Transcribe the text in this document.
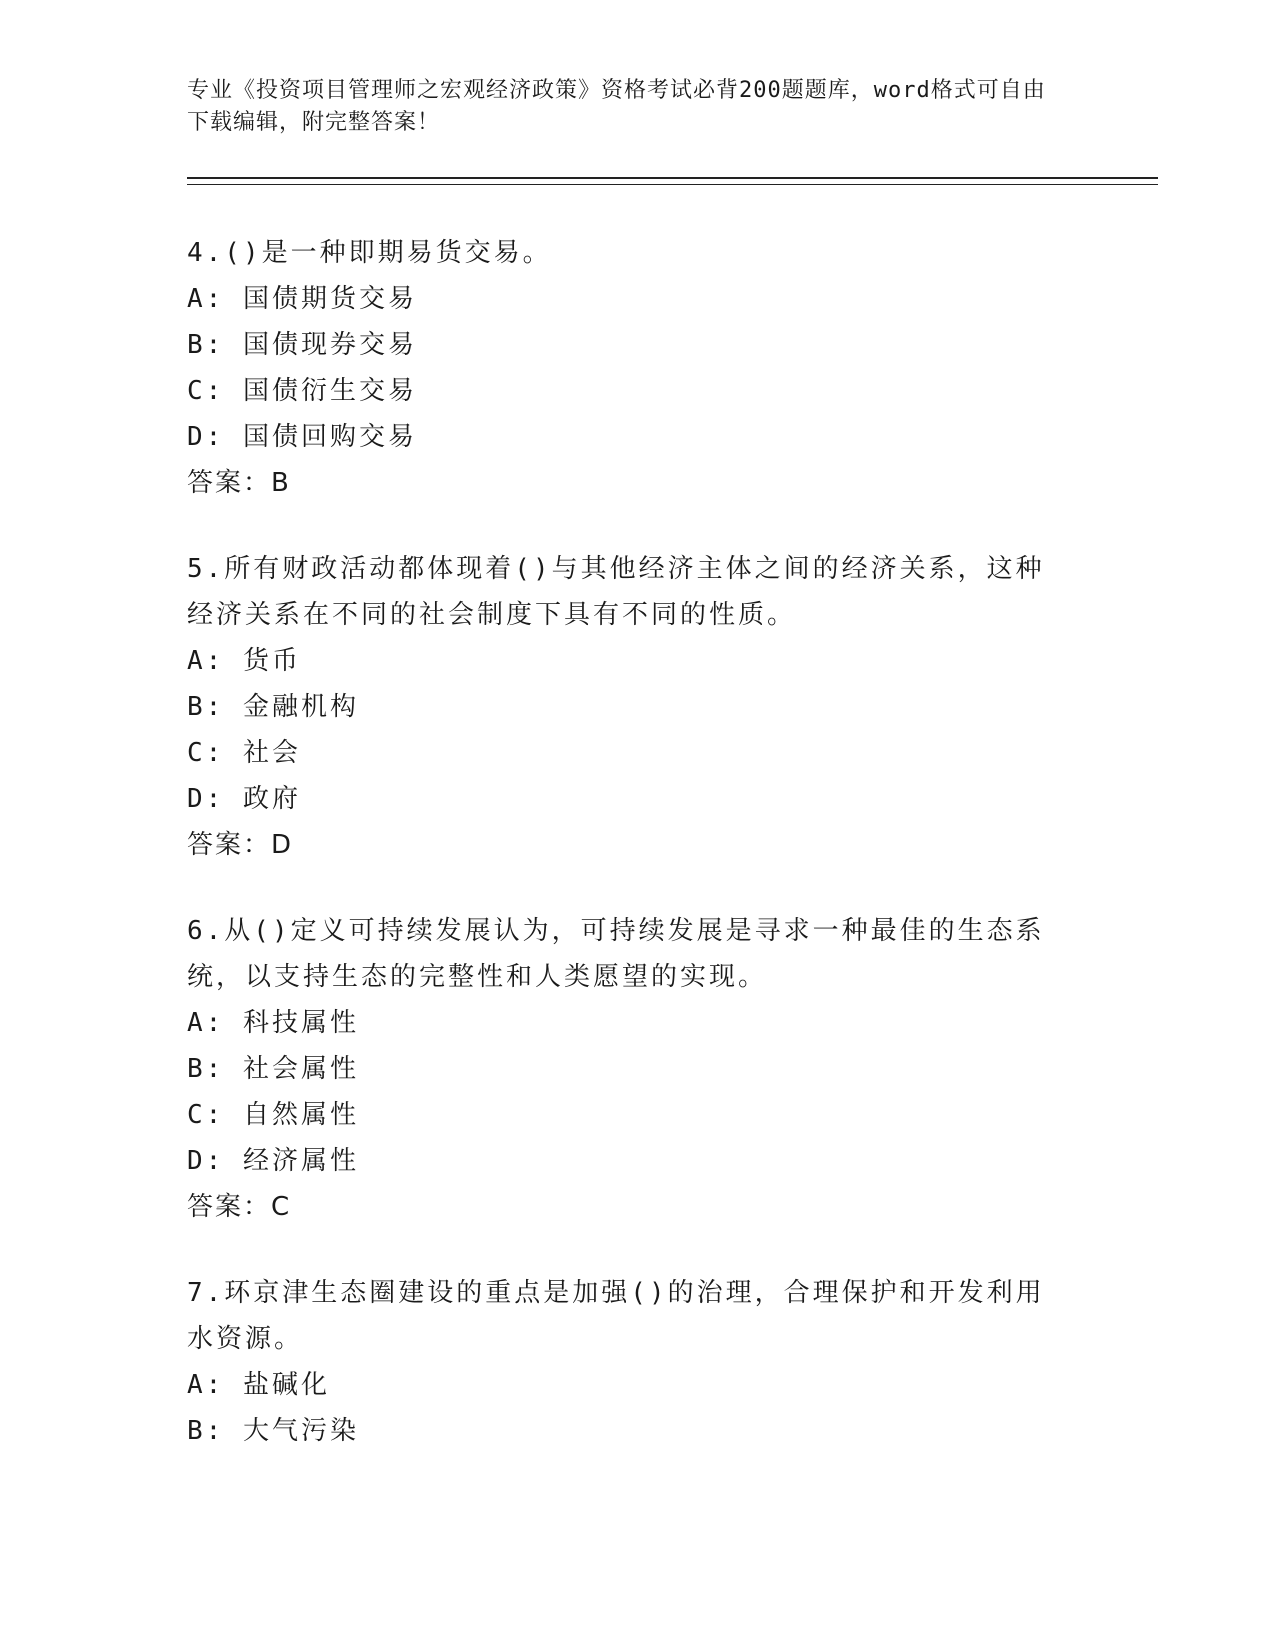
专业《投资项目管理师之宏观经济政策》资格考试必背200题题库，word格式可自由下载编辑，附完整答案！
4.()是一种即期易货交易。
A: 国债期货交易
B: 国债现券交易
C: 国债衍生交易
D: 国债回购交易
答案：B
5.所有财政活动都体现着()与其他经济主体之间的经济关系，这种经济关系在不同的社会制度下具有不同的性质。
A: 货币
B: 金融机构
C: 社会
D: 政府
答案：D
6.从()定义可持续发展认为，可持续发展是寻求一种最佳的生态系统，以支持生态的完整性和人类愿望的实现。
A: 科技属性
B: 社会属性
C: 自然属性
D: 经济属性
答案：C
7.环京津生态圈建设的重点是加强()的治理，合理保护和开发利用水资源。
A: 盐碱化
B: 大气污染
